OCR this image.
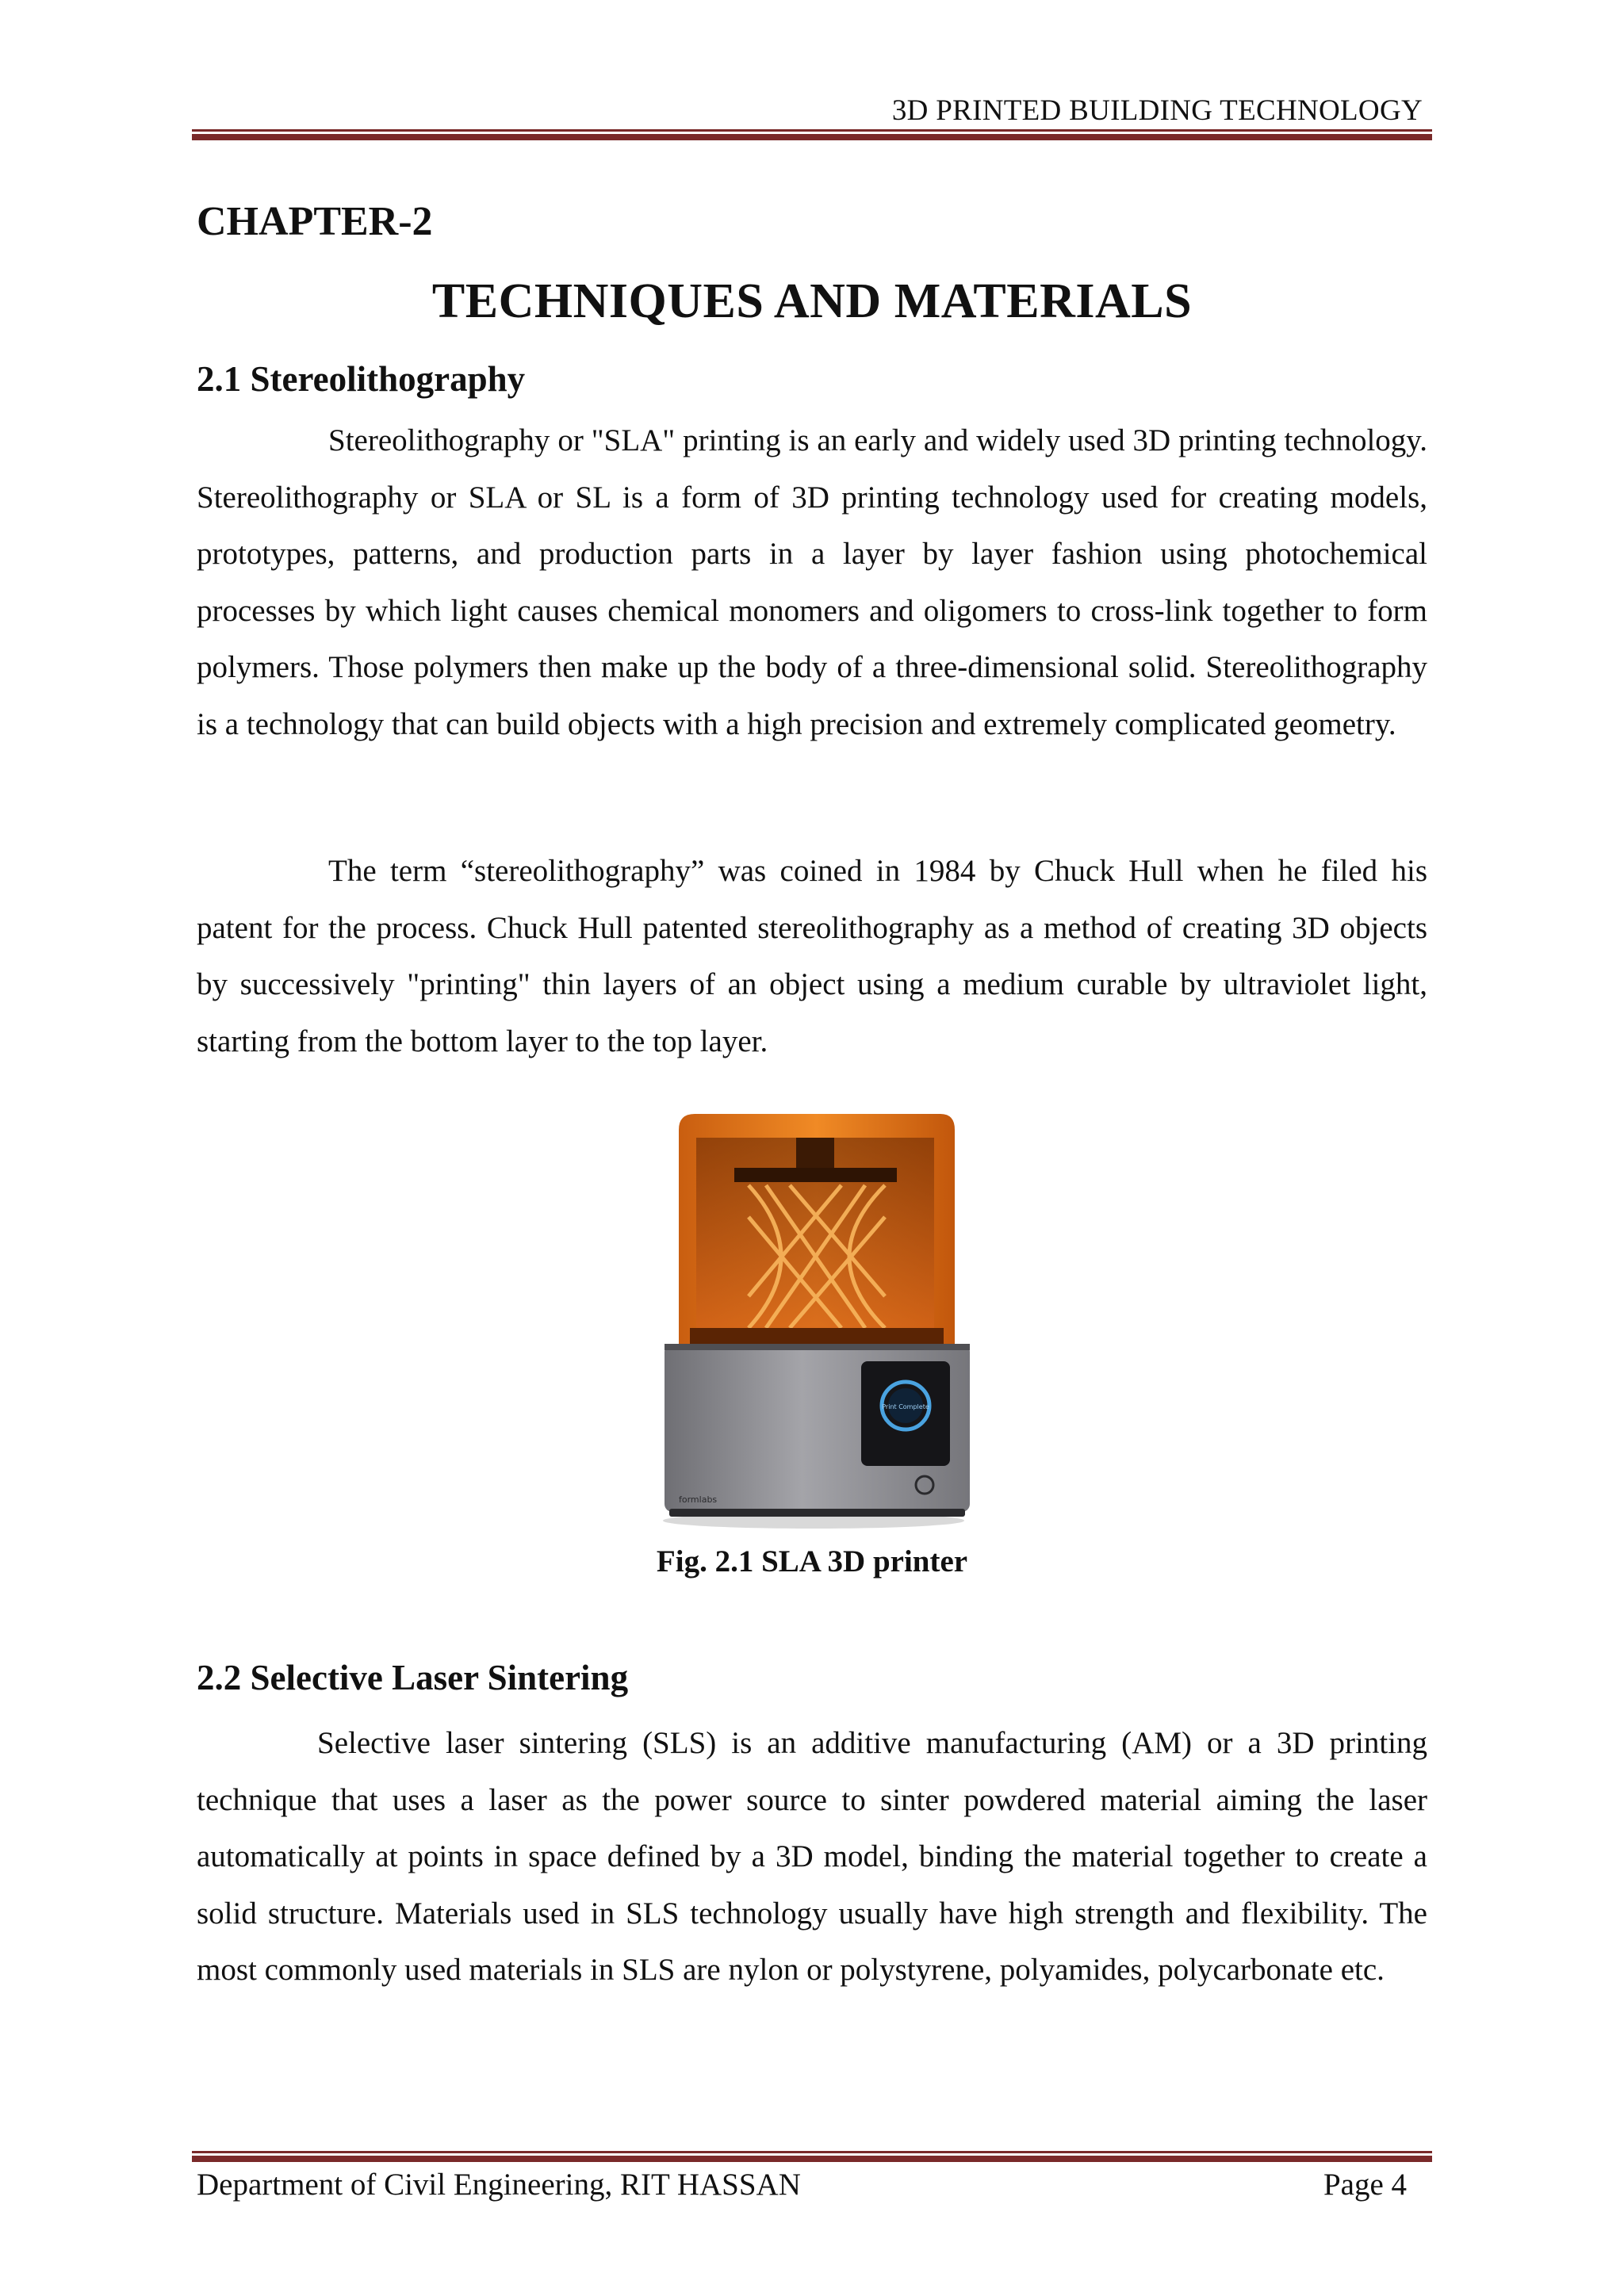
3D PRINTED BUILDING TECHNOLOGY
CHAPTER-2
TECHNIQUES AND MATERIALS
2.1 Stereolithography

Stereolithography or "SLA" printing is an early and widely used 3D printing technology. Stereolithography or SLA or SL is a form of 3D printing technology used for creating models, prototypes, patterns, and production parts in a layer by layer fashion using photochemical processes by which light causes chemical monomers and oligomers to cross-link together to form polymers. Those polymers then make up the body of a three-dimensional solid. Stereolithography is a technology that can build objects with a high precision and extremely complicated geometry.

The term “stereolithography” was coined in 1984 by Chuck Hull when he filed his patent for the process. Chuck Hull patented stereolithography as a method of creating 3D objects by successively "printing" thin layers of an object using a medium curable by ultraviolet light, starting from the bottom layer to the top layer.

Print Complete
formlabs
Fig. 2.1 SLA 3D printer
2.2 Selective Laser Sintering

Selective laser sintering (SLS) is an additive manufacturing (AM) or a 3D printing technique that uses a laser as the power source to sinter powdered material aiming the laser automatically at points in space defined by a 3D model, binding the material together to create a solid structure. Materials used in SLS technology usually have high strength and flexibility. The most commonly used materials in SLS are nylon or polystyrene, polyamides, polycarbonate etc.

Department of Civil Engineering, RIT HASSAN	Page 4
